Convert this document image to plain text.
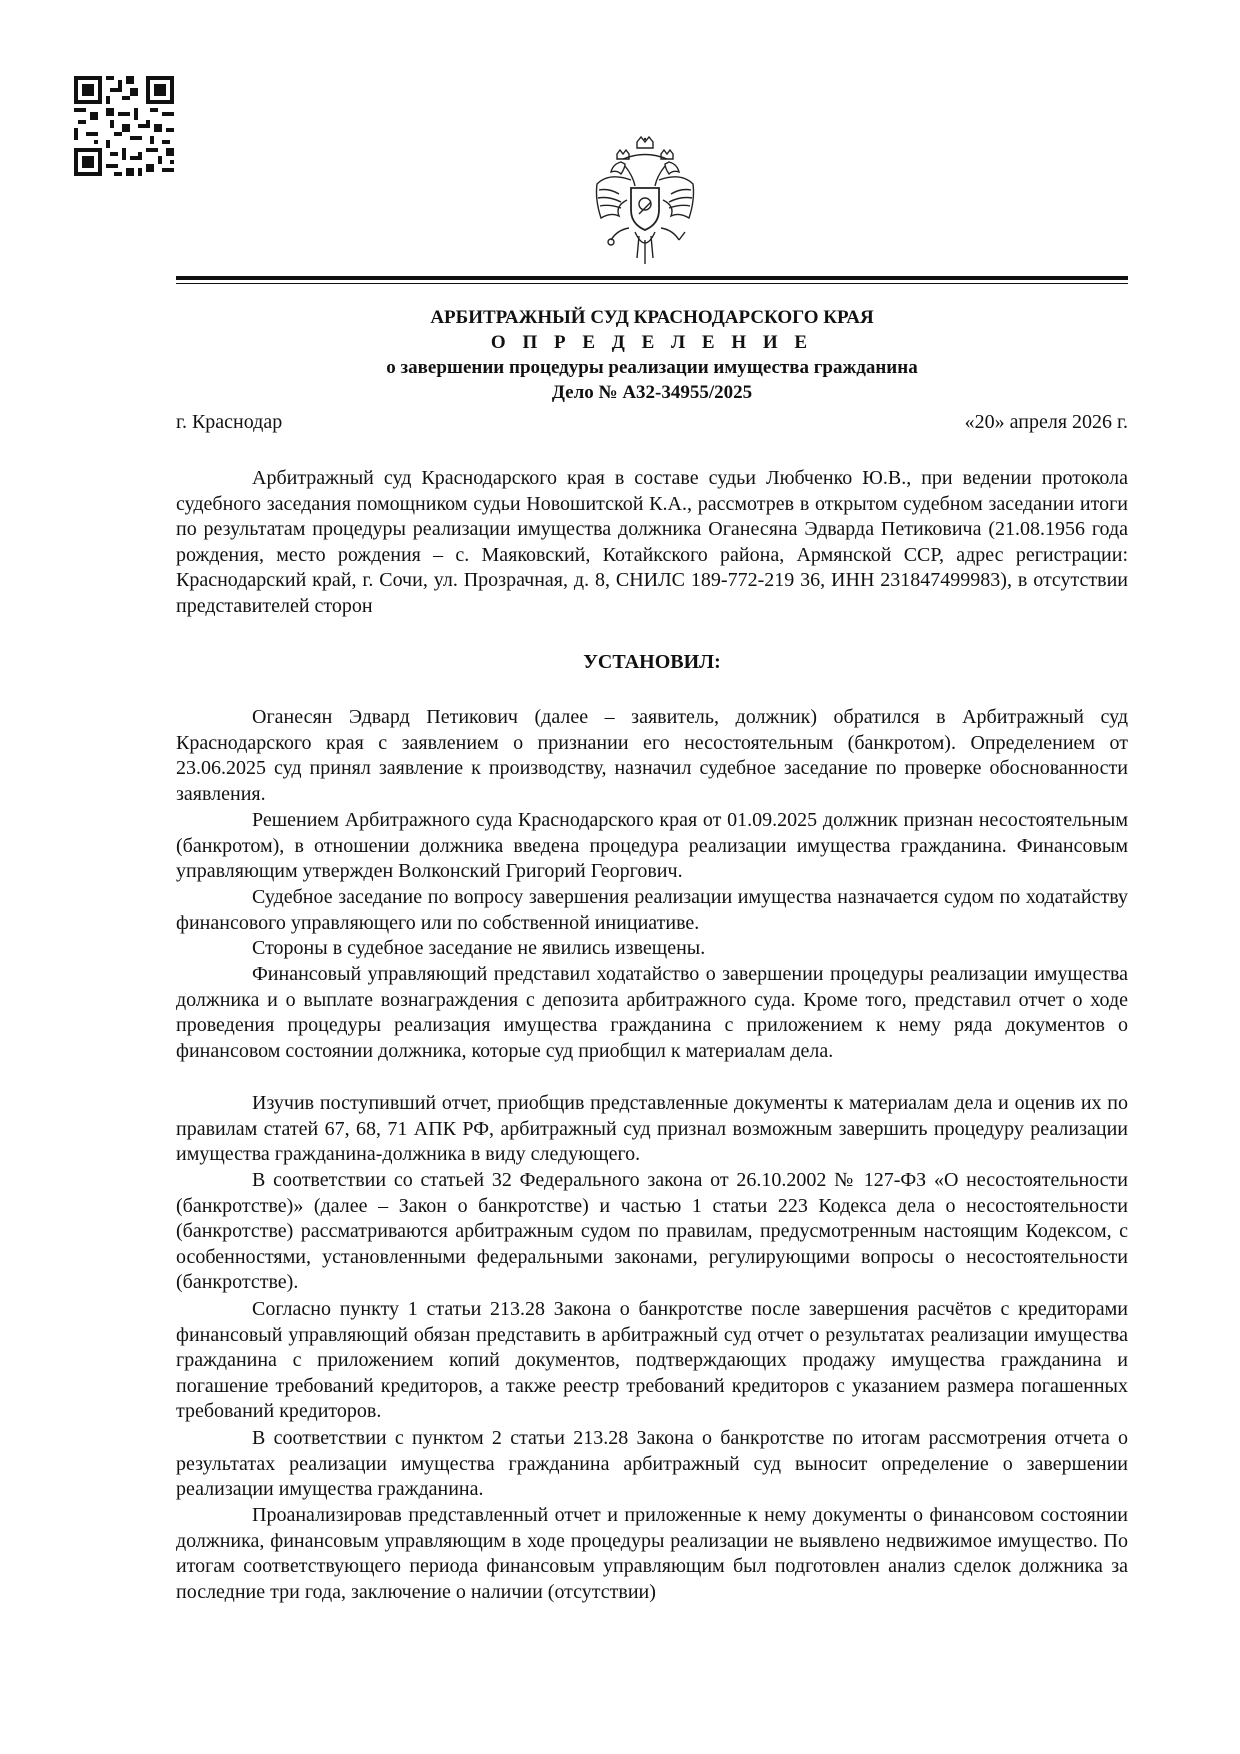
АРБИТРАЖНЫЙ СУД КРАСНОДАРСКОГО КРАЯ
О П Р Е Д Е Л Е Н И Е
о завершении процедуры реализации имущества гражданина
Дело № А32-34955/2025
г. Краснодар	«20» апреля 2026 г.
Арбитражный суд Краснодарского края в составе судьи Любченко Ю.В., при ведении протокола судебного заседания помощником судьи Новошитской К.А., рассмотрев в открытом судебном заседании итоги по результатам процедуры реализации имущества должника Оганесяна Эдварда Петиковича (21.08.1956 года рождения, место рождения – с. Маяковский, Котайкского района, Армянской ССР, адрес регистрации: Краснодарский край, г. Сочи, ул. Прозрачная, д. 8, СНИЛС 189-772-219 36, ИНН 231847499983), в отсутствии представителей сторон
УСТАНОВИЛ:
Оганесян Эдвард Петикович (далее – заявитель, должник) обратился в Арбитражный суд Краснодарского края с заявлением о признании его несостоятельным (банкротом). Определением от 23.06.2025 суд принял заявление к производству, назначил судебное заседание по проверке обоснованности заявления.
Решением Арбитражного суда Краснодарского края от 01.09.2025 должник признан несостоятельным (банкротом), в отношении должника введена процедура реализации имущества гражданина. Финансовым управляющим утвержден Волконский Григорий Георгович.
Судебное заседание по вопросу завершения реализации имущества назначается судом по ходатайству финансового управляющего или по собственной инициативе.
Стороны в судебное заседание не явились извещены.
Финансовый управляющий представил ходатайство о завершении процедуры реализации имущества должника и о выплате вознаграждения с депозита арбитражного суда. Кроме того, представил отчет о ходе проведения процедуры реализация имущества гражданина с приложением к нему ряда документов о финансовом состоянии должника, которые суд приобщил к материалам дела.
Изучив поступивший отчет, приобщив представленные документы к материалам дела и оценив их по правилам статей 67, 68, 71 АПК РФ, арбитражный суд признал возможным завершить процедуру реализации имущества гражданина-должника в виду следующего.
В соответствии со статьей 32 Федерального закона от 26.10.2002 № 127-ФЗ «О несостоятельности (банкротстве)» (далее – Закон о банкротстве) и частью 1 статьи 223 Кодекса дела о несостоятельности (банкротстве) рассматриваются арбитражным судом по правилам, предусмотренным настоящим Кодексом, с особенностями, установленными федеральными законами, регулирующими вопросы о несостоятельности (банкротстве).
Согласно пункту 1 статьи 213.28 Закона о банкротстве после завершения расчётов с кредиторами финансовый управляющий обязан представить в арбитражный суд отчет о результатах реализации имущества гражданина с приложением копий документов, подтверждающих продажу имущества гражданина и погашение требований кредиторов, а также реестр требований кредиторов с указанием размера погашенных требований кредиторов.
В соответствии с пунктом 2 статьи 213.28 Закона о банкротстве по итогам рассмотрения отчета о результатах реализации имущества гражданина арбитражный суд выносит определение о завершении реализации имущества гражданина.
Проанализировав представленный отчет и приложенные к нему документы о финансовом состоянии должника, финансовым управляющим в ходе процедуры реализации не выявлено недвижимое имущество. По итогам соответствующего периода финансовым управляющим был подготовлен анализ сделок должника за последние три года, заключение о наличии (отсутствии)
